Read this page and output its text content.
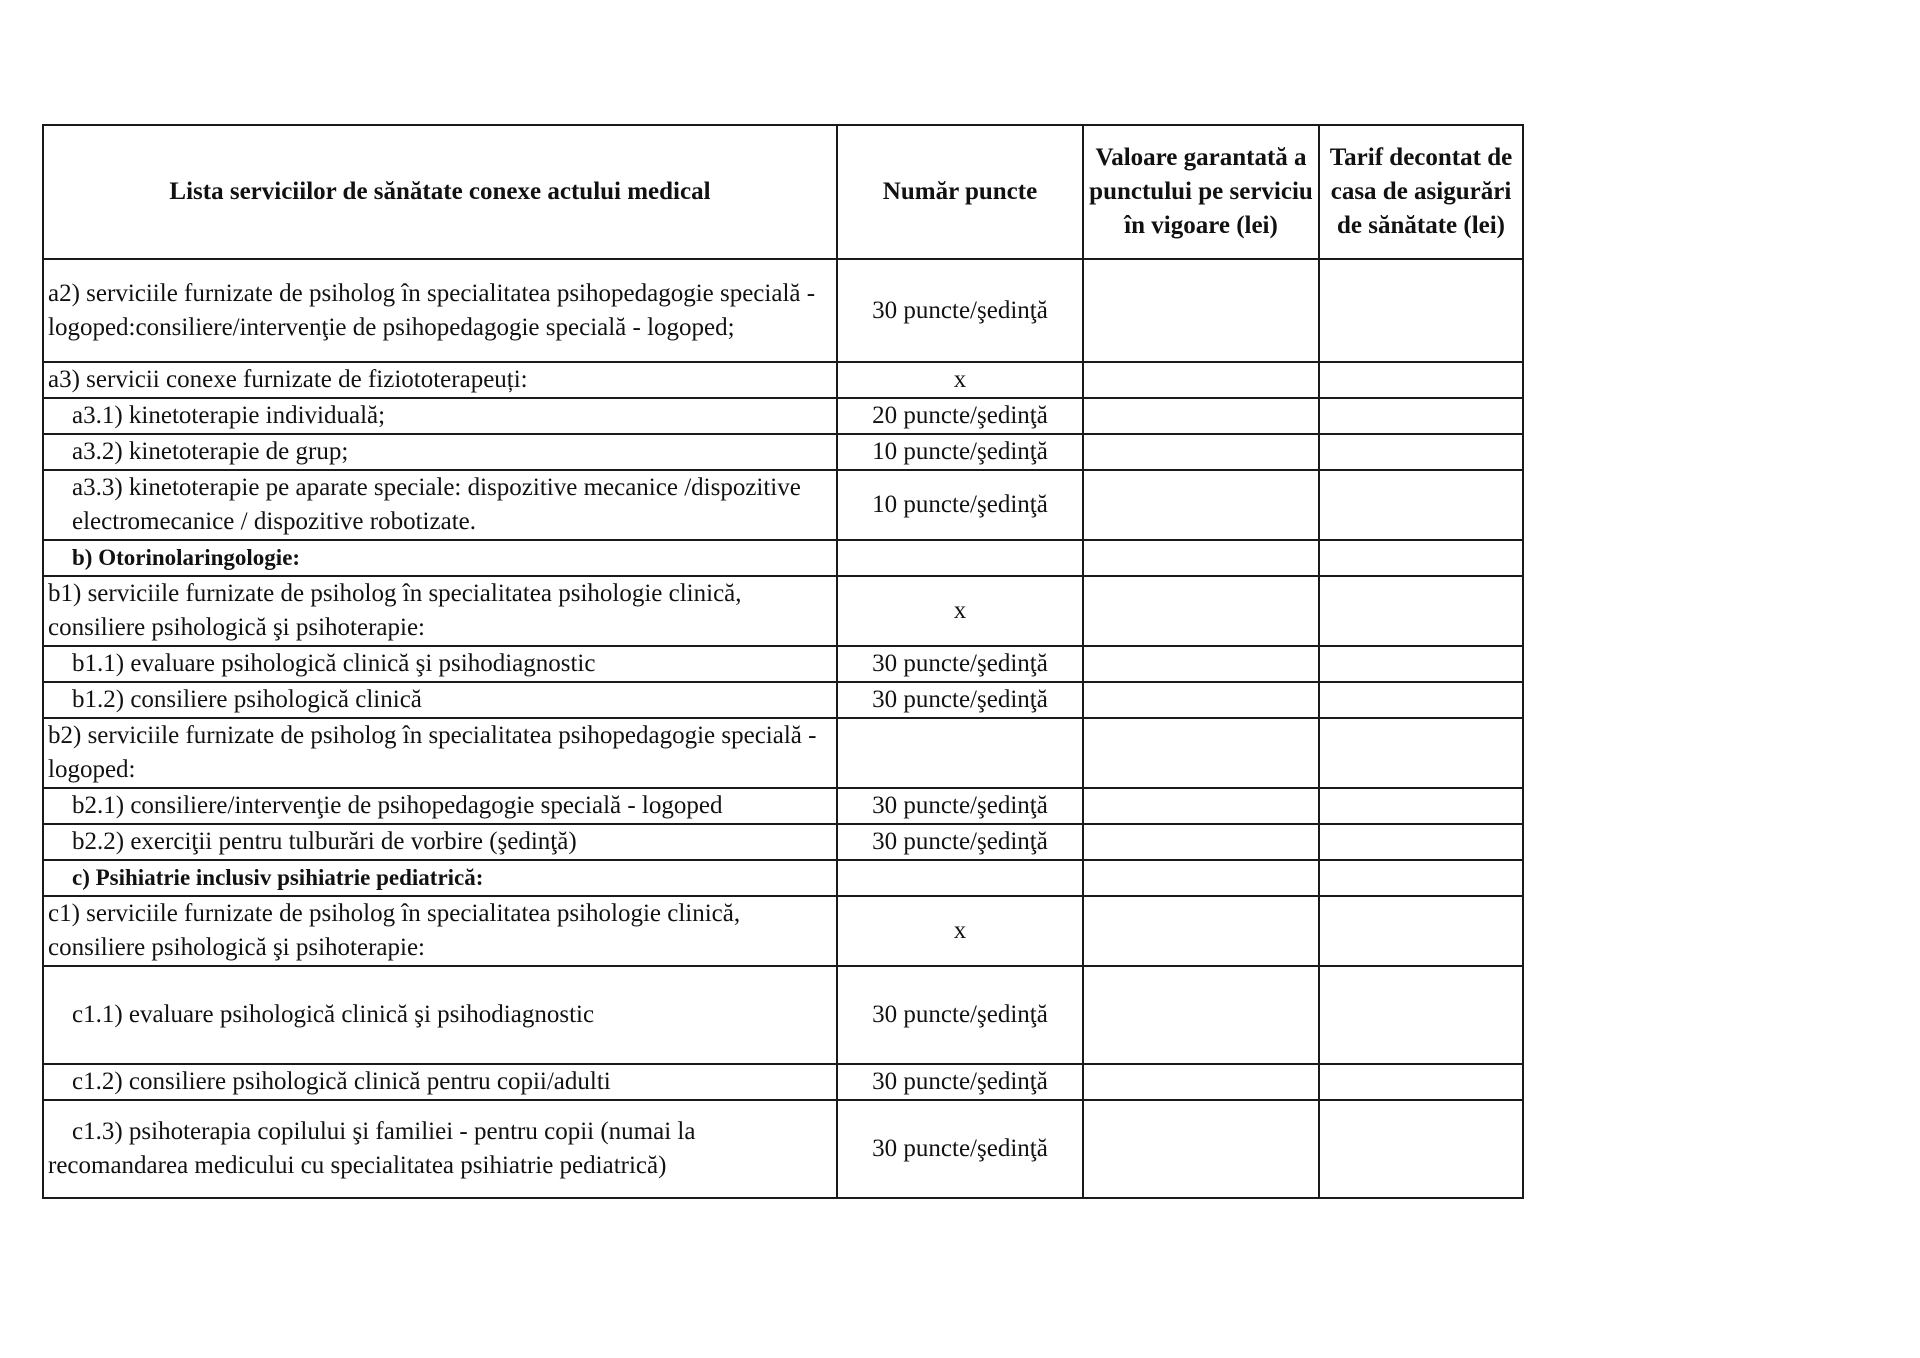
Lista serviciilor de sănătate conexe actului medical	Număr puncte	Valoare garantată a punctului pe serviciu în vigoare (lei)	Tarif decontat de casa de asigurări de sănătate (lei)
a2) serviciile furnizate de psiholog în specialitatea psihopedagogie specială - logoped:consiliere/intervenţie de psihopedagogie specială - logoped;	30 puncte/şedinţă		
a3) servicii conexe furnizate de fiziototerapeuți:	x		
a3.1) kinetoterapie individuală;	20 puncte/şedinţă		
a3.2) kinetoterapie de grup;	10 puncte/şedinţă		
a3.3) kinetoterapie pe aparate speciale: dispozitive mecanice /dispozitive electromecanice / dispozitive robotizate.	10 puncte/şedinţă		
b) Otorinolaringologie:			
b1) serviciile furnizate de psiholog în specialitatea psihologie clinică, consiliere psihologică şi psihoterapie:	x		
b1.1) evaluare psihologică clinică şi psihodiagnostic	30 puncte/şedinţă		
b1.2) consiliere psihologică clinică	30 puncte/şedinţă		
b2) serviciile furnizate de psiholog în specialitatea psihopedagogie specială - logoped:			
b2.1) consiliere/intervenţie de psihopedagogie specială - logoped	30 puncte/şedinţă		
b2.2) exerciţii pentru tulburări de vorbire (şedinţă)	30 puncte/şedinţă		
c) Psihiatrie inclusiv psihiatrie pediatrică:			
c1) serviciile furnizate de psiholog în specialitatea psihologie clinică, consiliere psihologică şi psihoterapie:	x		
c1.1) evaluare psihologică clinică şi psihodiagnostic	30 puncte/şedinţă		
c1.2) consiliere psihologică clinică pentru copii/adulti	30 puncte/şedinţă		
c1.3) psihoterapia copilului şi familiei - pentru copii (numai la recomandarea medicului cu specialitatea psihiatrie pediatrică)	30 puncte/şedinţă		
